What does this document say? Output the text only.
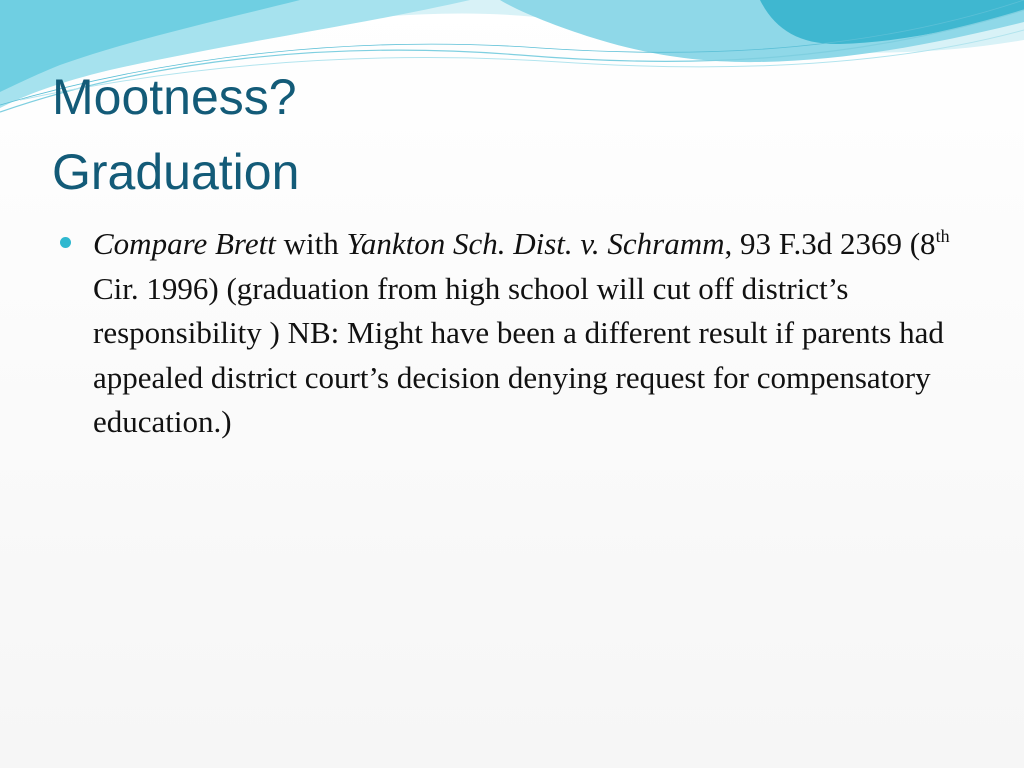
Mootness?
Graduation
Compare Brett with Yankton Sch. Dist. v. Schramm, 93 F.3d 2369 (8th Cir. 1996) (graduation from high school will cut off district’s responsibility ) NB: Might have been a different result if parents had appealed district court’s decision denying request for compensatory education.)
